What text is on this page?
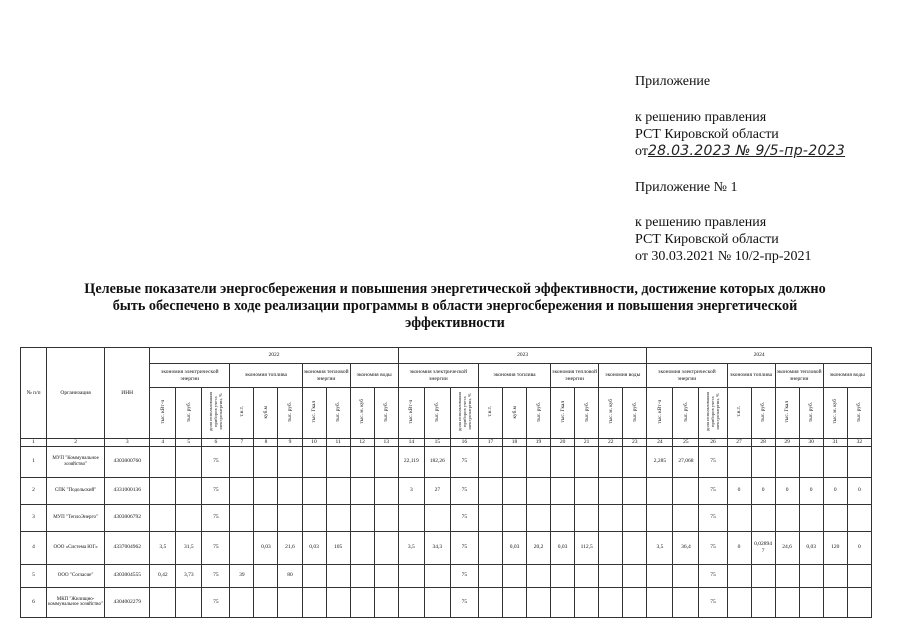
Приложение
к решению правления
РСТ Кировской области
от28.03.2023 № 9/5-пр-2023
Приложение № 1
к решению правления
РСТ Кировской области
от 30.03.2021 № 10/2-пр-2021
Целевые показатели энергосбережения и повышения энергетической эффективности, достижение которых должно
быть обеспечено в ходе реализации программы в области энергосбережения и повышения энергетической
эффективности
№ п/п	Организация	ИНН	2022										2023										2024								
			экономия электрической энергии			экономия топлива			экономия тепловой энергии		экономия воды		экономия электрической энергии			экономия топлива			экономия тепловой энергии		экономия воды		экономия электрической энергии			экономия топлива		экономия тепловой энергии		экономия воды	
			тыс. кВт·ч	тыс. руб.	доля использования приборов учета электроэнергии, %	т.н.т.	куб.м	тыс. руб.	тыс. Гкал	тыс. руб.	тыс. м. куб	тыс. руб.	тыс. кВт·ч	тыс. руб.	доля использования приборов учета электроэнергии, %	т.н.т.	куб.м	тыс. руб.	тыс. Гкал	тыс. руб.	тыс. м. куб	тыс. руб.	тыс. кВт·ч	тыс. руб.	доля использования приборов учета электроэнергии, %	т.н.т.	тыс. руб.	тыс. Гкал	тыс. руб.	тыс. м. куб	тыс. руб.
1	2	3	4	5	6	7	8	9	10	11	12	13	14	15	16	17	18	19	20	21	22	23	24	25	26	27	28	29	30	31	32
1	МУП "Коммунальное хозяйство"	4303000760			75								22,119	182,26	75								2,285	27,068	75						
2	СПК "Подольский"	4331000136			75								3	27	75										75	0	0	0	0	0	0
3	МУП "ТеплоЭнерго"	4303006792			75										75										75						
4	ООО «Система ЮГ»	4337004962	3,5	31,5	75		0,03	21,6	0,03	105			3,5	34,3	75		0,03	20,2	0,03	112,5			3,5	36,4	75	0	0,02894 7	24,6	0,03	120	0
5	ООО "Согласие"	4303004555	0,42	3,73	75	39		80							75										75						
6	МКП "Жилищно-коммунальное хозяйство"	4304002279			75										75										75						
